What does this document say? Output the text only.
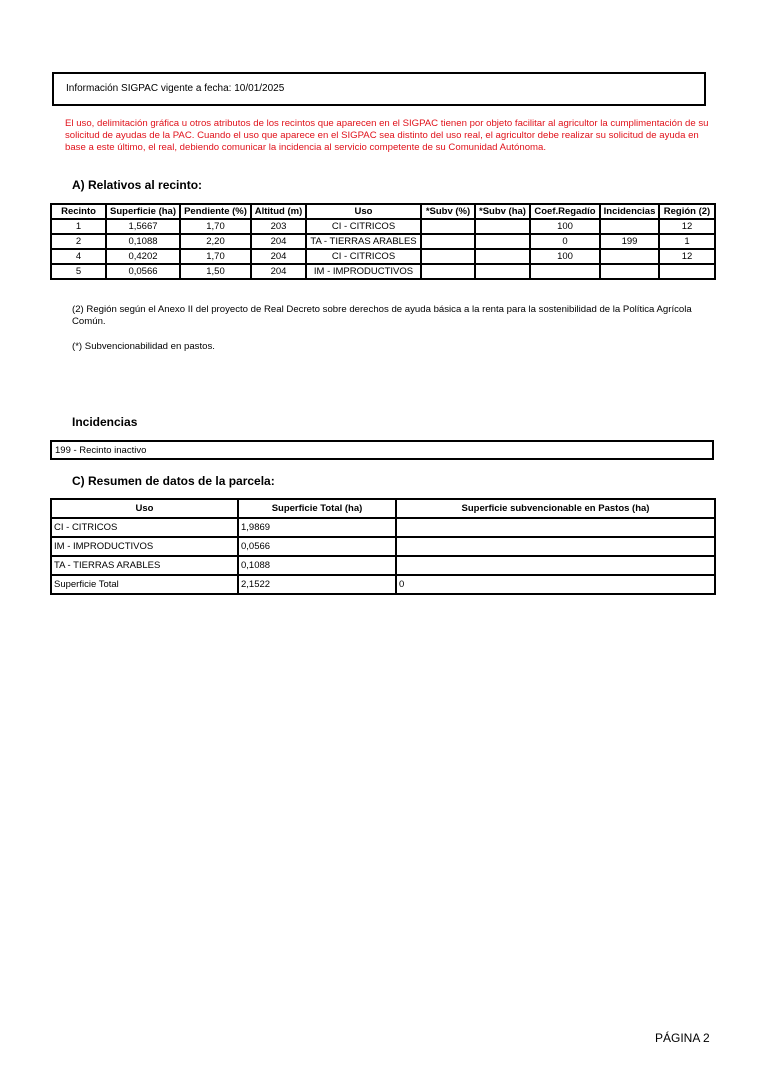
Información SIGPAC vigente a fecha: 10/01/2025
El uso, delimitación gráfica u otros atributos de los recintos que aparecen en el SIGPAC tienen por objeto facilitar al agricultor la cumplimentación de su solicitud de ayudas de la PAC. Cuando el uso que aparece en el SIGPAC sea distinto del uso real, el agricultor debe realizar su solicitud de ayuda en base a este último, el real, debiendo comunicar la incidencia al servicio competente de su Comunidad Autónoma.
A) Relativos al recinto:
Recinto	Superficie (ha)	Pendiente (%)	Altitud (m)	Uso	*Subv (%)	*Subv (ha)	Coef.Regadío	Incidencias	Región (2)
1	1,5667	1,70	203	CI - CITRICOS			100		12
2	0,1088	2,20	204	TA - TIERRAS ARABLES			0	199	1
4	0,4202	1,70	204	CI - CITRICOS			100		12
5	0,0566	1,50	204	IM - IMPRODUCTIVOS					
(2) Región según el Anexo II del proyecto de Real Decreto sobre derechos de ayuda básica a la renta para la sostenibilidad de la Política Agrícola Común.
(*) Subvencionabilidad en pastos.
Incidencias
199 - Recinto inactivo
C) Resumen de datos de la parcela:
Uso	Superficie Total (ha)	Superficie subvencionable en Pastos (ha)
CI - CITRICOS	1,9869	
IM - IMPRODUCTIVOS	0,0566	
TA - TIERRAS ARABLES	0,1088	
Superficie Total	2,1522	0
PÁGINA 2
